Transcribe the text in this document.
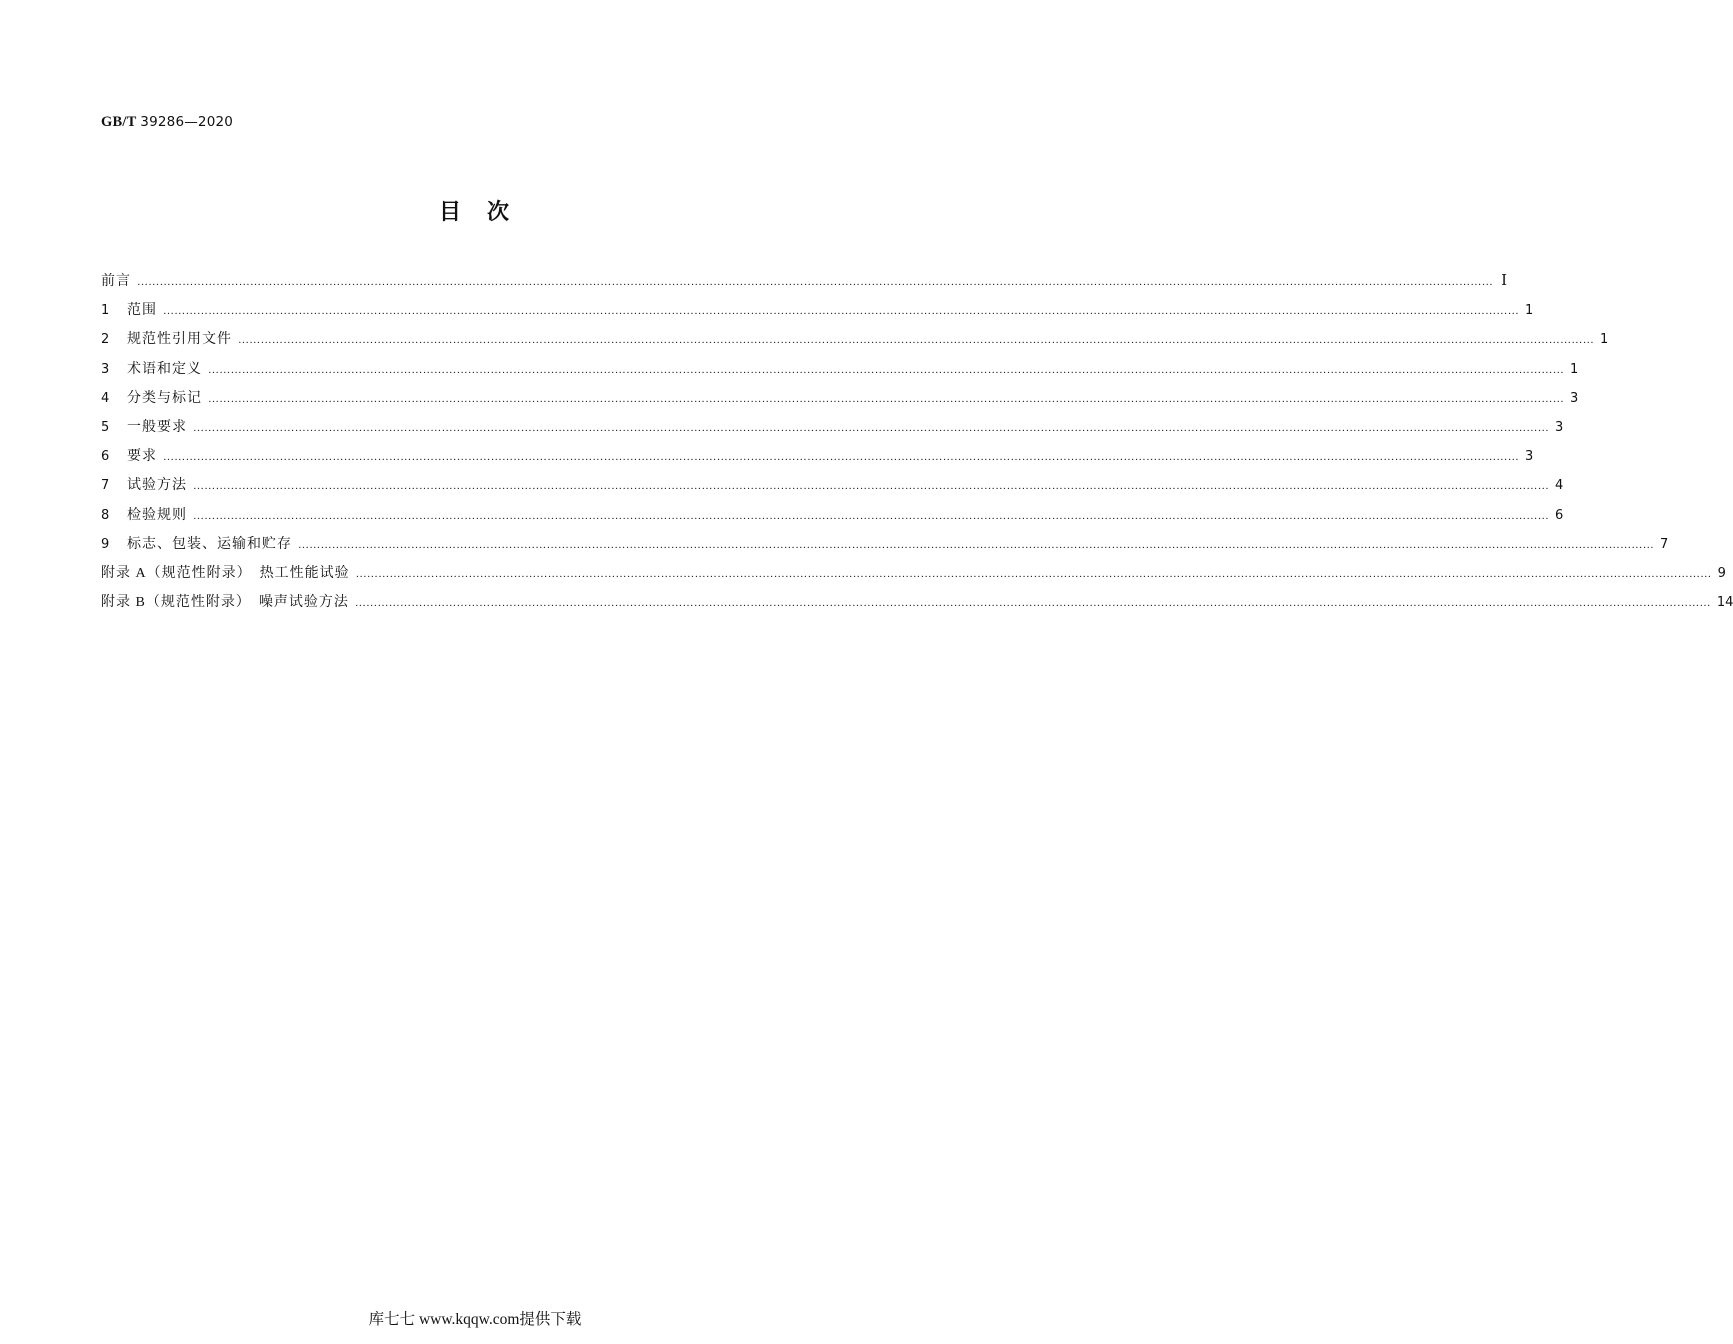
GB/T 39286—2020
目　次
前言 ……………………………………………………………………………………………………………………………………………………………………………………………………………………………………………………………………………………………………………………………… Ⅰ
1	范围 ……………………………………………………………………………………………………………………………………………………………………………………………………………………………………………………………………………………………………………………………… 1
2	规范性引用文件 ……………………………………………………………………………………………………………………………………………………………………………………………………………………………………………………………………………………………………………………………… 1
3	术语和定义 ……………………………………………………………………………………………………………………………………………………………………………………………………………………………………………………………………………………………………………………………… 1
4	分类与标记 ……………………………………………………………………………………………………………………………………………………………………………………………………………………………………………………………………………………………………………………………… 3
5	一般要求 ……………………………………………………………………………………………………………………………………………………………………………………………………………………………………………………………………………………………………………………………… 3
6	要求 ……………………………………………………………………………………………………………………………………………………………………………………………………………………………………………………………………………………………………………………………… 3
7	试验方法 ……………………………………………………………………………………………………………………………………………………………………………………………………………………………………………………………………………………………………………………………… 4
8	检验规则 ……………………………………………………………………………………………………………………………………………………………………………………………………………………………………………………………………………………………………………………………… 6
9	标志、包装、运输和贮存 ……………………………………………………………………………………………………………………………………………………………………………………………………………………………………………………………………………………………………………………………… 7
附录 A（规范性附录）　热工性能试验 ……………………………………………………………………………………………………………………………………………………………………………………………………………………………………………………………………………………………………………………………… 9
附录 B（规范性附录）　噪声试验方法 ……………………………………………………………………………………………………………………………………………………………………………………………………………………………………………………………………………………………………………………………… 14
库七七 www.kqqw.com提供下载
